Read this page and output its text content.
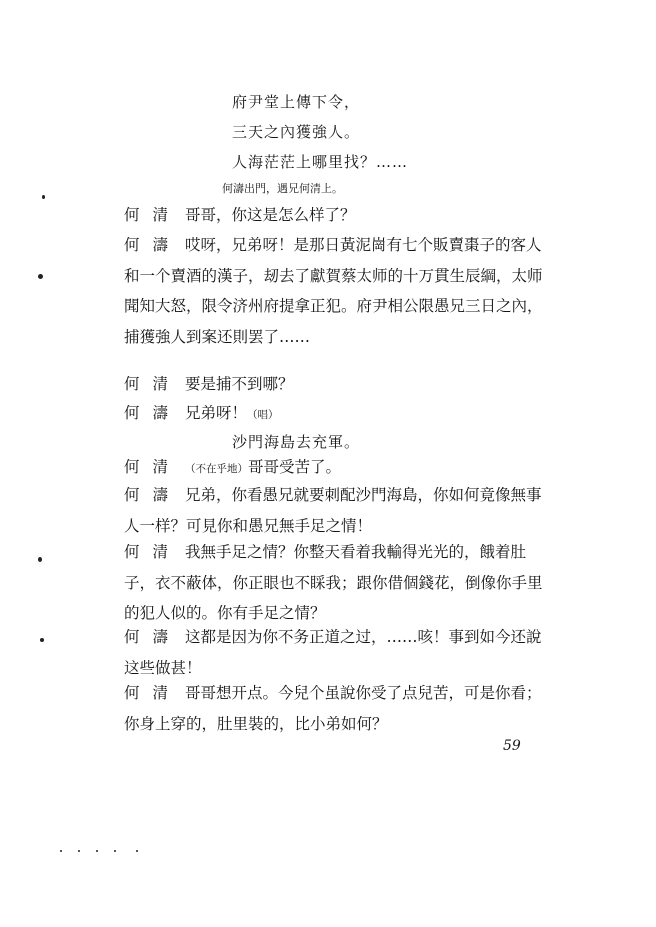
府尹堂上傳下令，
三天之內獲強人。
人海茫茫上哪里找？……
何濤出門，遇兄何清上。
何 清 哥哥，你这是怎么样了？
何 濤	哎呀，兄弟呀！是那日黃泥崗有七个販賣棗子的客人和一个賣酒的漢子，刼去了獻賀蔡太师的十万貫生辰綱，太师聞知大怒，限令济州府提拿正犯。府尹相公限愚兄三日之內，捕獲強人到案还則罢了……
何 清 要是捕不到哪？
何 濤 兄弟呀！（唱）
沙門海島去充軍。
何 清 （不在乎地）哥哥受苦了。
何 濤	兄弟，你看愚兄就要刺配沙門海島，你如何竟像無事人一样？可見你和愚兄無手足之情！
何 清	我無手足之情？你整天看着我輸得光光的，餓着肚子，衣不蔽体，你正眼也不睬我；跟你借個錢花，倒像你手里的犯人似的。你有手足之情？
何 濤	这都是因为你不务正道之过，……咳！事到如今还說这些做甚！
何 清	哥哥想开点。今兒个虽說你受了点兒苦，可是你看；你身上穿的，肚里裝的，比小弟如何？
59
